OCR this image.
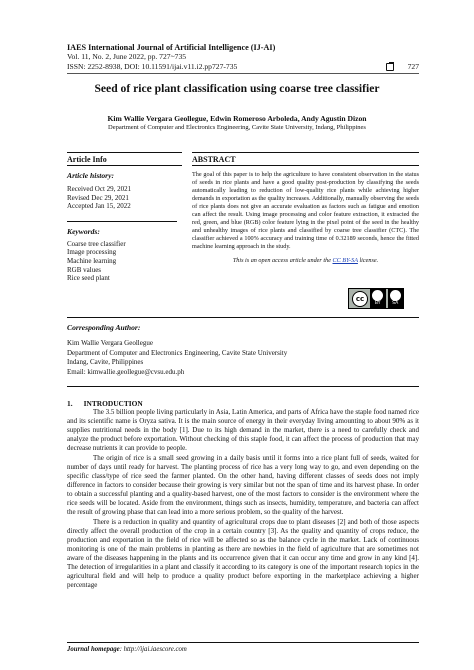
IAES International Journal of Artificial Intelligence (IJ-AI)
Vol. 11, No. 2, June 2022, pp. 727~735
ISSN: 2252-8938, DOI: 10.11591/ijai.v11.i2.pp727-735	727
Seed of rice plant classification using coarse tree classifier
Kim Wallie Vergara Geollegue, Edwin Romeroso Arboleda, Andy Agustin Dizon
Department of Computer and Electronics Engineering, Cavite State University, Indang, Philippines
Article Info
Article history:
Received Oct 29, 2021
Revised Dec 29, 2021
Accepted Jan 15, 2022
Keywords:
Coarse tree classifier
Image processing
Machine learning
RGB values
Rice seed plant
ABSTRACT
The goal of this paper is to help the agriculture to have consistent observation in the status of seeds in rice plants and have a good quality post-production by classifying the seeds automatically leading to reduction of low-quality rice plants while achieving higher demands in exportation as the quality increases. Additionally, manually observing the seeds of rice plants does not give an accurate evaluation as factors such as fatigue and emotion can affect the result. Using image processing and color feature extraction, it extracted the red, green, and blue (RGB) color feature lying in the pixel point of the seed in the healthy and unhealthy images of rice plants and classified by coarse tree classifier (CTC). The classifier achieved a 100% accuracy and training time of 0.32189 seconds, hence the fitted machine learning approach in the study.
This is an open access article under the CC BY-SA license.
cc
BY	SA
Corresponding Author:
Kim Wallie Vergara Geollegue
Department of Computer and Electronics Engineering, Cavite State University
Indang, Cavite, Philippines
Email: kimwallie.geollegue@cvsu.edu.ph
1.      INTRODUCTION

The 3.5 billion people living particularly in Asia, Latin America, and parts of Africa have the staple food named rice and its scientific name is Oryza sativa. It is the main source of energy in their everyday living amounting to about 90% as it supplies nutritional needs in the body [1]. Due to its high demand in the market, there is a need to carefully check and analyze the product before exportation. Without checking of this staple food, it can affect the process of production that may decrease nutrients it can provide to people.

The origin of rice is a small seed growing in a daily basis until it forms into a rice plant full of seeds, waited for number of days until ready for harvest. The planting process of rice has a very long way to go, and even depending on the specific class/type of rice seed the farmer planted. On the other hand, having different classes of seeds does not imply difference in factors to consider because their growing is very similar but not the span of time and its harvest phase. In order to obtain a successful planting and a quality-based harvest, one of the most factors to consider is the environment where the rice seeds will be located. Aside from the environment, things such as insects, humidity, temperature, and bacteria can affect the result of growing phase that can lead into a more serious problem, so the quality of the harvest.

There is a reduction in quality and quantity of agricultural crops due to plant diseases [2] and both of those aspects directly affect the overall production of the crop in a certain country [3]. As the quality and quantity of crops reduce, the production and exportation in the field of rice will be affected so as the balance cycle in the market. Lack of continuous monitoring is one of the main problems in planting as there are newbies in the field of agriculture that are sometimes not aware of the diseases happening in the plants and its occurrence given that it can occur any time and grow in any kind [4]. The detection of irregularities in a plant and classify it according to its category is one of the important research topics in the agricultural field and will help to produce a quality product before exporting in the marketplace achieving a higher percentage

Journal homepage: http://ijai.iaescore.com
